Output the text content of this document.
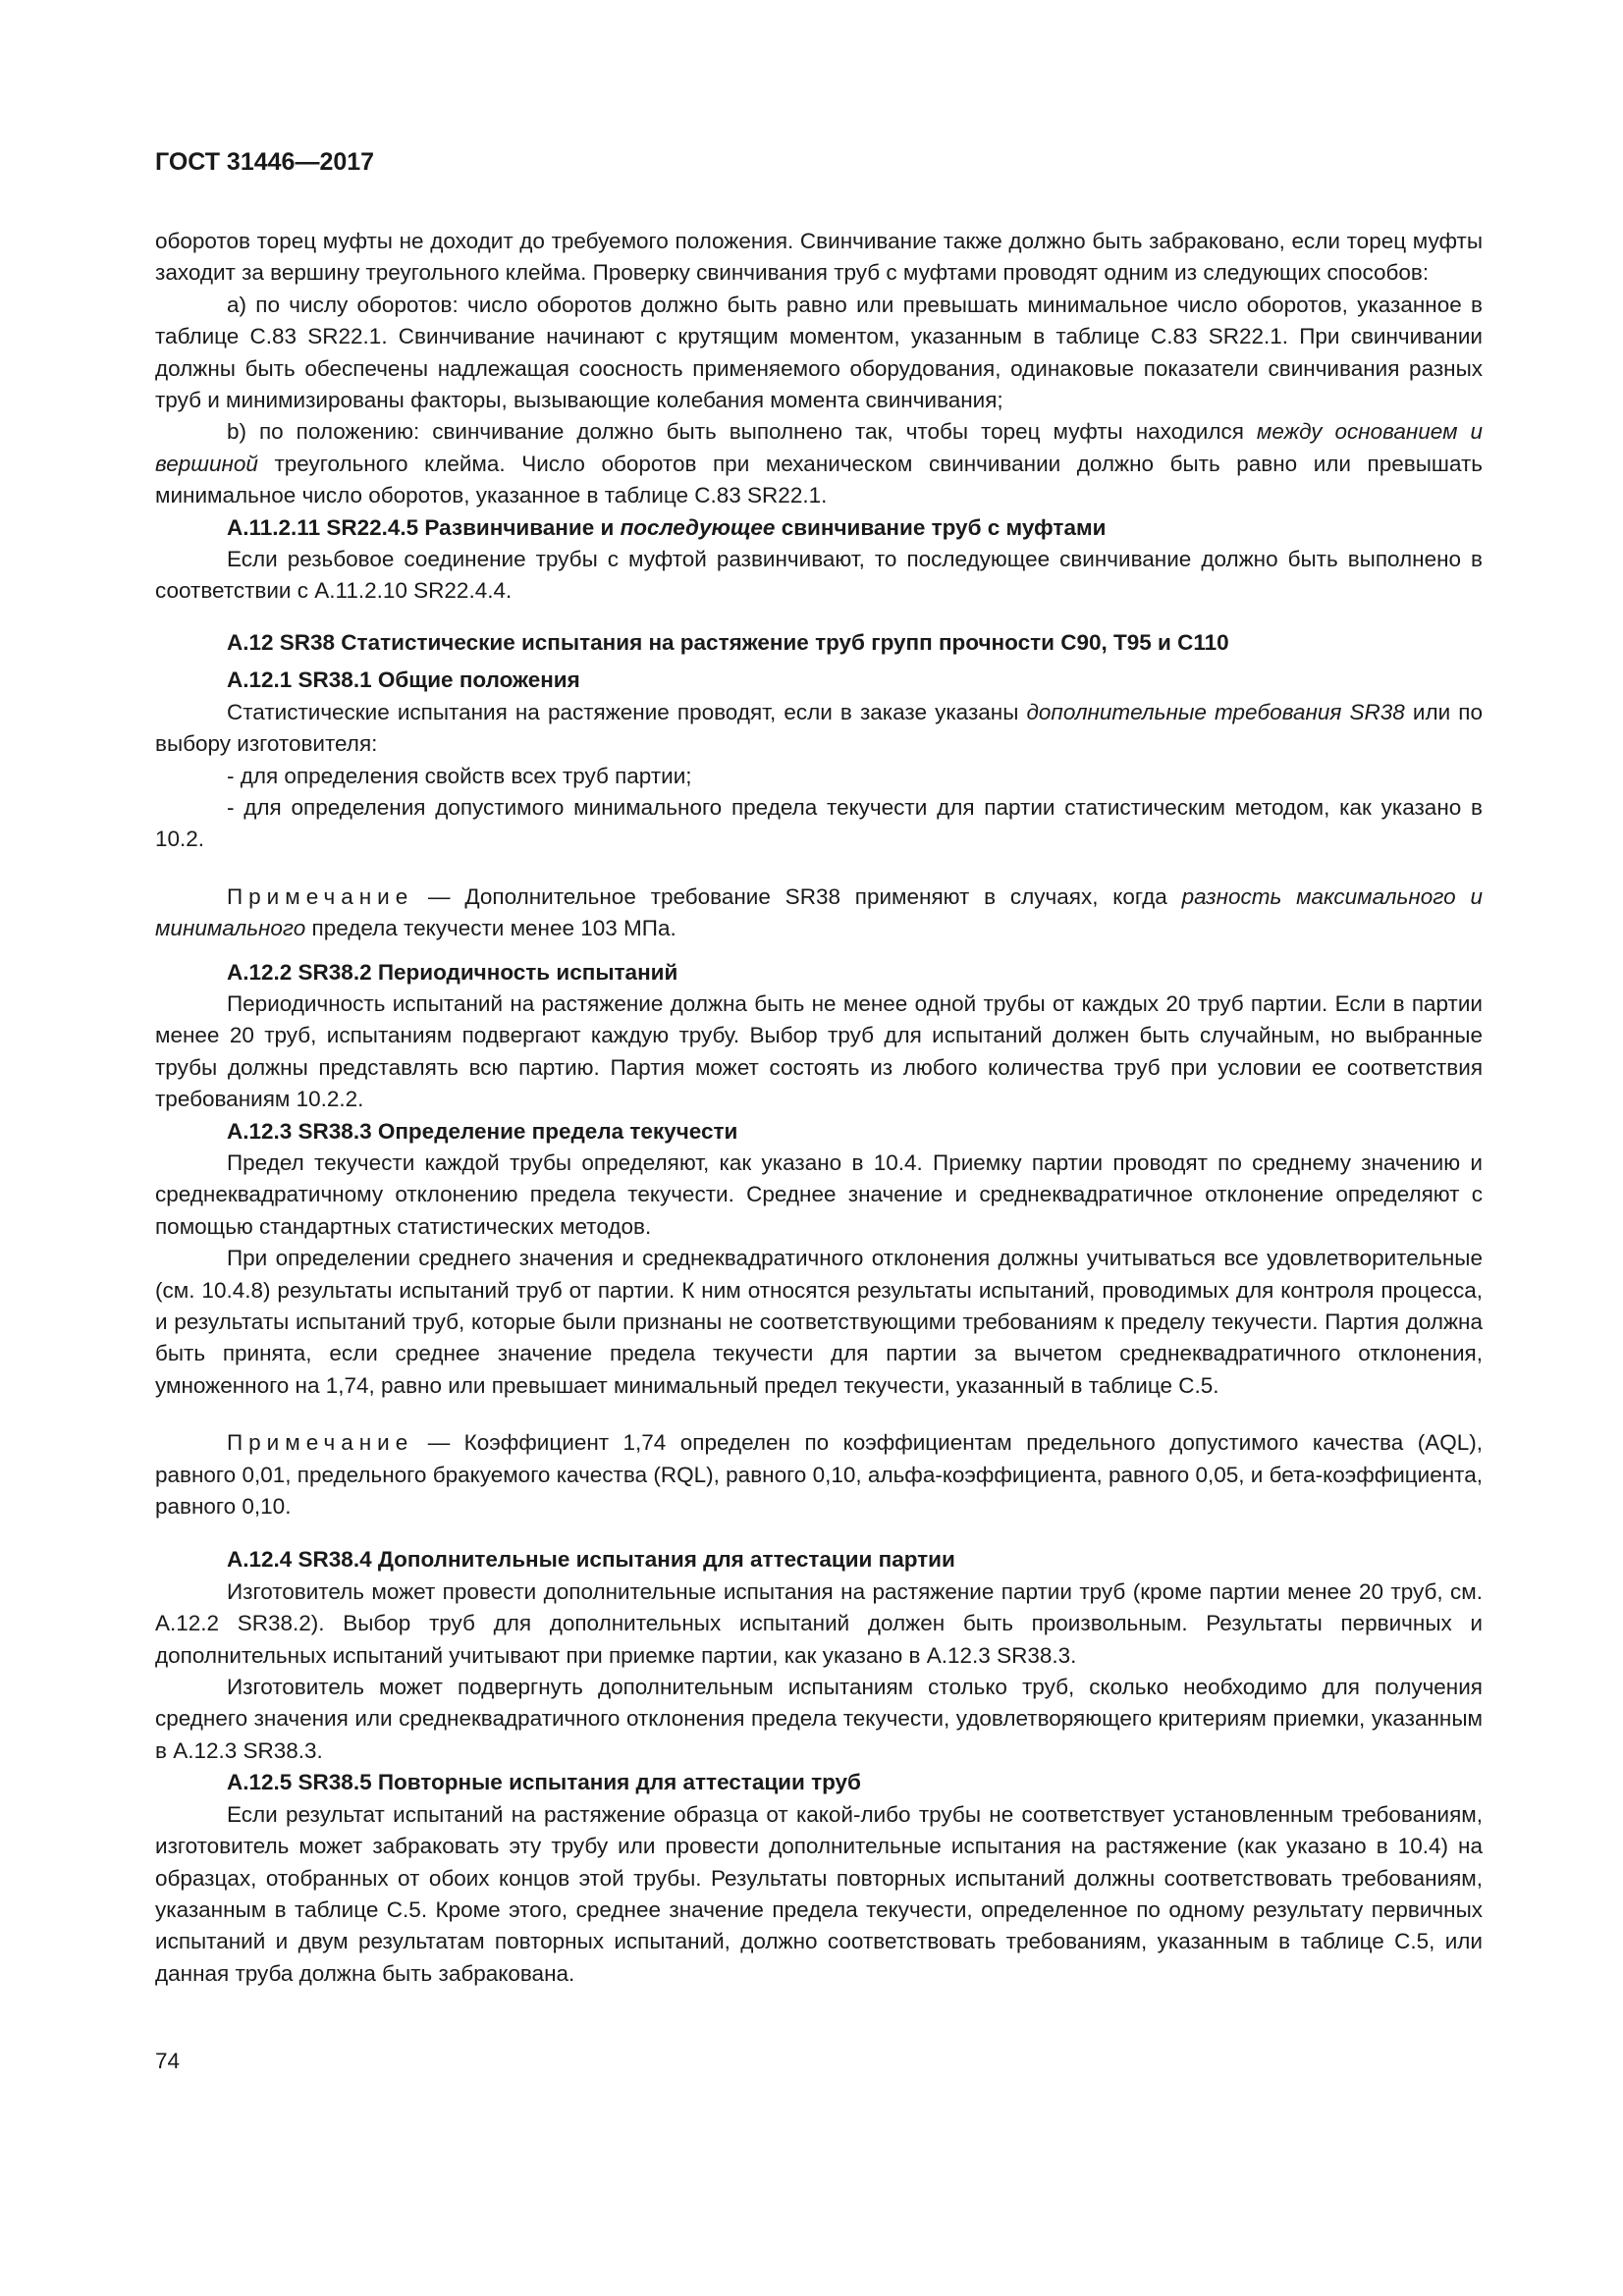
ГОСТ 31446—2017

оборотов торец муфты не доходит до требуемого положения. Свинчивание также должно быть забраковано, если торец муфты заходит за вершину треугольного клейма. Проверку свинчивания труб с муфтами проводят одним из следующих способов:

а) по числу оборотов: число оборотов должно быть равно или превышать минимальное число оборотов, указанное в таблице С.83 SR22.1. Свинчивание начинают с крутящим моментом, указанным в таблице С.83 SR22.1. При свинчивании должны быть обеспечены надлежащая соосность применяемого оборудования, одинаковые показатели свинчивания разных труб и минимизированы факторы, вызывающие колебания момента свинчивания;

b) по положению: свинчивание должно быть выполнено так, чтобы торец муфты находился между основанием и вершиной треугольного клейма. Число оборотов при механическом свинчивании должно быть равно или превышать минимальное число оборотов, указанное в таблице С.83 SR22.1.

А.11.2.11 SR22.4.5 Развинчивание и последующее свинчивание труб с муфтами

Если резьбовое соединение трубы с муфтой развинчивают, то последующее свинчивание должно быть выполнено в соответствии с А.11.2.10 SR22.4.4.

А.12 SR38 Статистические испытания на растяжение труб групп прочности С90, Т95 и С110

А.12.1 SR38.1 Общие положения

Статистические испытания на растяжение проводят, если в заказе указаны дополнительные требования SR38 или по выбору изготовителя:

- для определения свойств всех труб партии;

- для определения допустимого минимального предела текучести для партии статистическим методом, как указано в 10.2.

Примечание — Дополнительное требование SR38 применяют в случаях, когда разность максимального и минимального предела текучести менее 103 МПа.

А.12.2 SR38.2 Периодичность испытаний

Периодичность испытаний на растяжение должна быть не менее одной трубы от каждых 20 труб партии. Если в партии менее 20 труб, испытаниям подвергают каждую трубу. Выбор труб для испытаний должен быть случайным, но выбранные трубы должны представлять всю партию. Партия может состоять из любого количества труб при условии ее соответствия требованиям 10.2.2.

А.12.3 SR38.3 Определение предела текучести

Предел текучести каждой трубы определяют, как указано в 10.4. Приемку партии проводят по среднему значению и среднеквадратичному отклонению предела текучести. Среднее значение и среднеквадратичное отклонение определяют с помощью стандартных статистических методов.

При определении среднего значения и среднеквадратичного отклонения должны учитываться все удовлетворительные (см. 10.4.8) результаты испытаний труб от партии. К ним относятся результаты испытаний, проводимых для контроля процесса, и результаты испытаний труб, которые были признаны не соответствующими требованиям к пределу текучести. Партия должна быть принята, если среднее значение предела текучести для партии за вычетом среднеквадратичного отклонения, умноженного на 1,74, равно или превышает минимальный предел текучести, указанный в таблице С.5.

Примечание — Коэффициент 1,74 определен по коэффициентам предельного допустимого качества (AQL), равного 0,01, предельного бракуемого качества (RQL), равного 0,10, альфа-коэффициента, равного 0,05, и бета-коэффициента, равного 0,10.

А.12.4 SR38.4 Дополнительные испытания для аттестации партии

Изготовитель может провести дополнительные испытания на растяжение партии труб (кроме партии менее 20 труб, см. А.12.2 SR38.2). Выбор труб для дополнительных испытаний должен быть произвольным. Результаты первичных и дополнительных испытаний учитывают при приемке партии, как указано в А.12.3 SR38.3.

Изготовитель может подвергнуть дополнительным испытаниям столько труб, сколько необходимо для получения среднего значения или среднеквадратичного отклонения предела текучести, удовлетворяющего критериям приемки, указанным в А.12.3 SR38.3.

А.12.5 SR38.5 Повторные испытания для аттестации труб

Если результат испытаний на растяжение образца от какой-либо трубы не соответствует установленным требованиям, изготовитель может забраковать эту трубу или провести дополнительные испытания на растяжение (как указано в 10.4) на образцах, отобранных от обоих концов этой трубы. Результаты повторных испытаний должны соответствовать требованиям, указанным в таблице С.5. Кроме этого, среднее значение предела текучести, определенное по одному результату первичных испытаний и двум результатам повторных испытаний, должно соответствовать требованиям, указанным в таблице С.5, или данная труба должна быть забракована.

74
